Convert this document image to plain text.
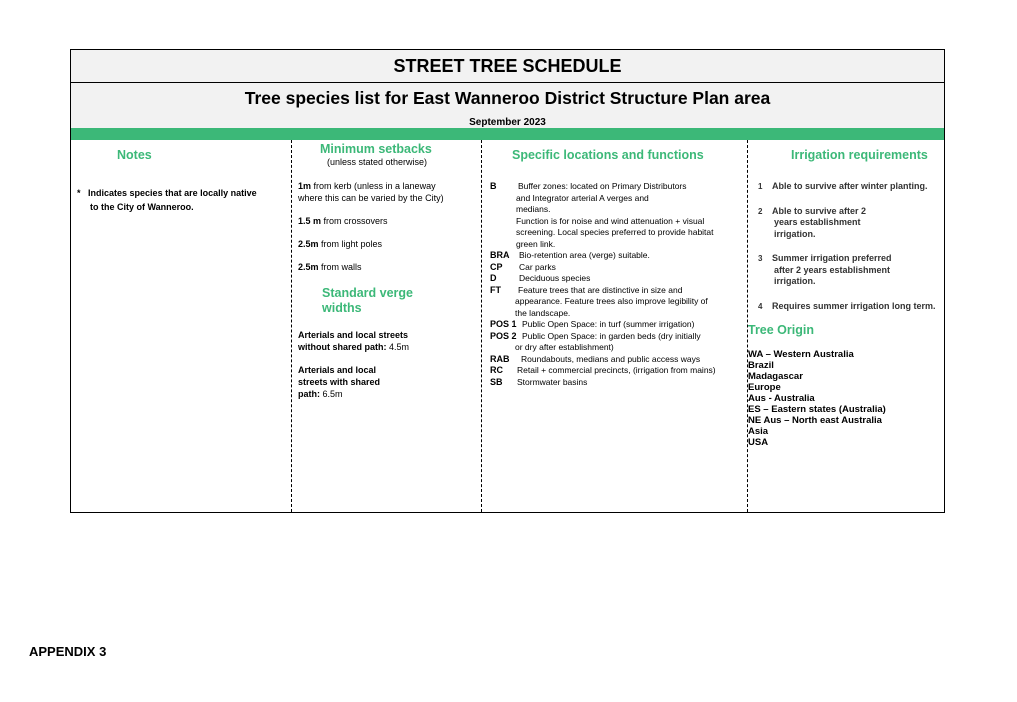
STREET TREE SCHEDULE
Tree species list for East Wanneroo District Structure Plan area
September 2023
Notes
* Indicates species that are locally native
to the City of Wanneroo.
Minimum setbacks
(unless stated otherwise)
1m from kerb (unless in a laneway
where this can be varied by the City)
1.5 m from crossovers
2.5m from light poles
2.5m from walls
Standard verge
widths
Arterials and local streets
without shared path: 4.5m
Arterials and local
streets with shared
path: 6.5m
Specific locations and functions
B	Buffer zones: located on Primary Distributors
and Integrator arterial A verges and
medians.
Function is for noise and wind attenuation + visual
screening. Local species preferred to provide habitat
green link.
BRA Bio-retention area (verge) suitable.
CP Car parks
D	Deciduous species
FT Feature trees that are distinctive in size and
appearance. Feature trees also improve legibility of
the landscape.
POS 1 Public Open Space: in turf (summer irrigation)
POS 2 Public Open Space: in garden beds (dry initially
or dry after establishment)
RAB Roundabouts, medians and public access ways
RC Retail + commercial precincts, (irrigation from mains)
SB Stormwater basins
Irrigation requirements
1 Able to survive after winter planting.
2 Able to survive after 2
years establishment
irrigation.
3 Summer irrigation preferred
after 2 years establishment
irrigation.
4 Requires summer irrigation long term.
Tree Origin
WA – Western Australia
Brazil
Madagascar
Europe
Aus - Australia
ES – Eastern states (Australia)
NE Aus – North east Australia
Asia
USA
APPENDIX 3
